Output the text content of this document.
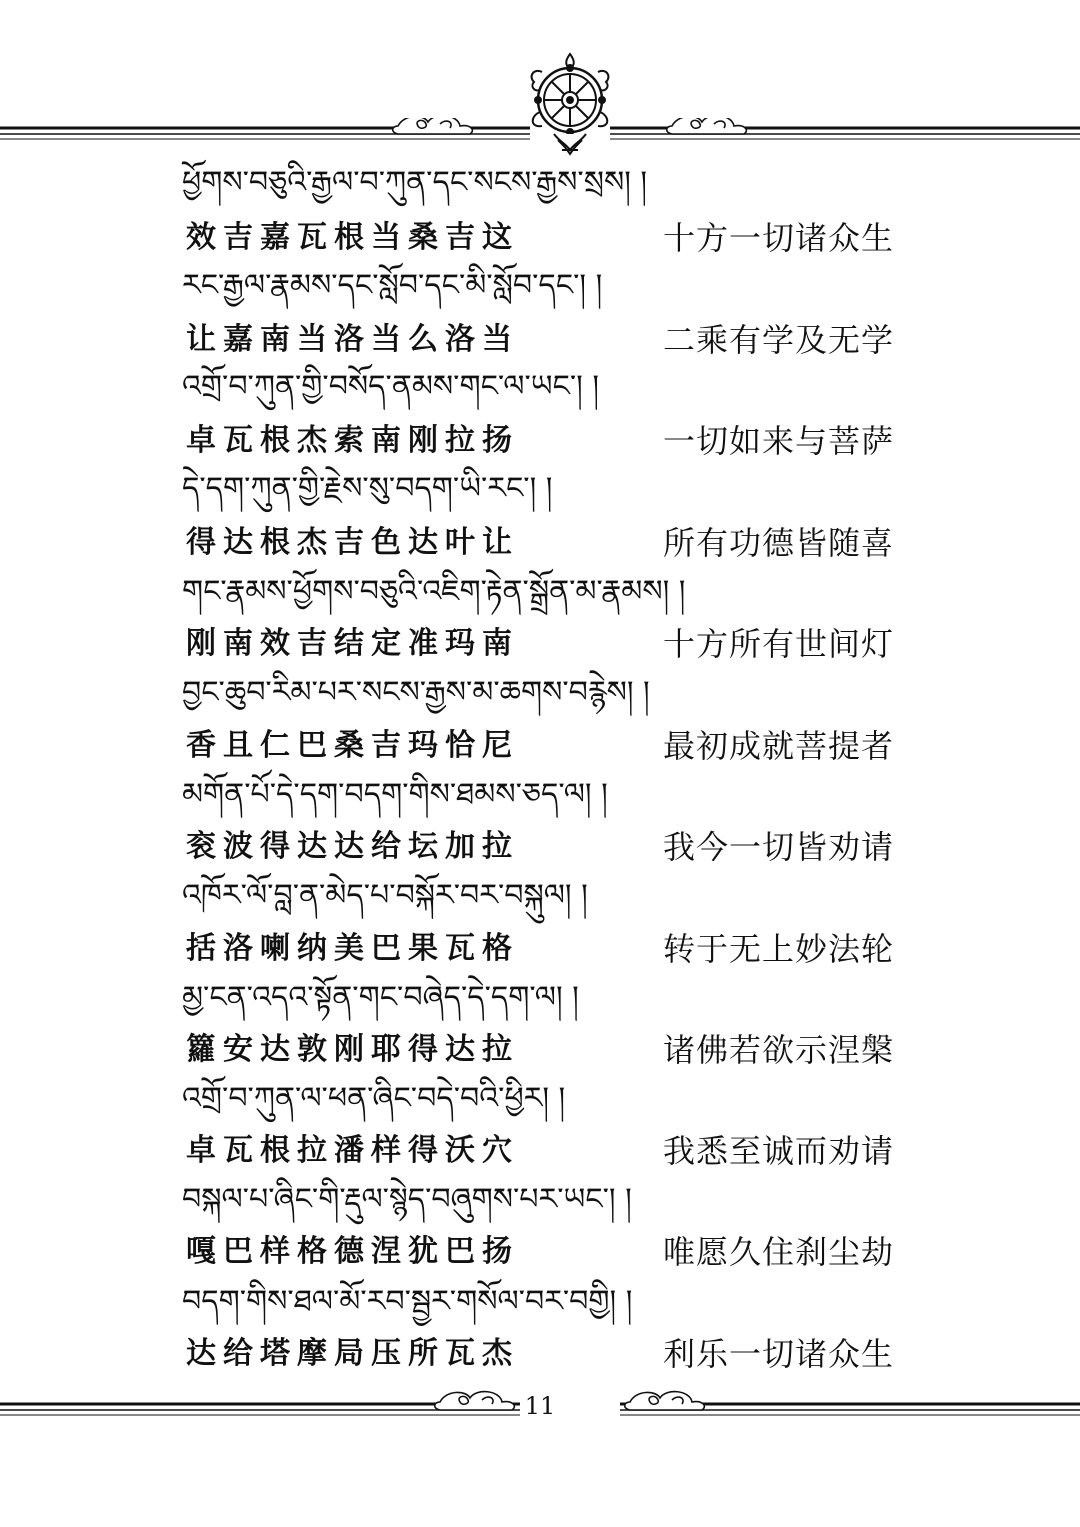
ཕྱོགས་བཅུའི་རྒྱལ་བ་ཀུན་དང་སངས་རྒྱས་སྲས། །
效吉嘉瓦根当桑吉这	十方一切诸众生
རང་རྒྱལ་རྣམས་དང་སློབ་དང་མི་སློབ་དང་། །
让嘉南当洛当么洛当	二乘有学及无学
འགྲོ་བ་ཀུན་གྱི་བསོད་ནམས་གང་ལ་ཡང་། །
卓瓦根杰索南刚拉扬	一切如来与菩萨
དེ་དག་ཀུན་གྱི་རྗེས་སུ་བདག་ཡི་རང་། །
得达根杰吉色达叶让	所有功德皆随喜
གང་རྣམས་ཕྱོགས་བཅུའི་འཇིག་རྟེན་སྒྲོན་མ་རྣམས། །
刚南效吉结定准玛南	十方所有世间灯
བྱང་ཆུབ་རིམ་པར་སངས་རྒྱས་མ་ཆགས་བརྙེས། །
香且仁巴桑吉玛恰尼	最初成就菩提者
མགོན་པོ་དེ་དག་བདག་གིས་ཐམས་ཅད་ལ། །
衮波得达达给坛加拉	我今一切皆劝请
འཁོར་ལོ་བླ་ན་མེད་པ་བསྐོར་བར་བསྐུལ། །
括洛喇纳美巴果瓦格	转于无上妙法轮
མྱ་ངན་འདའ་སྟོན་གང་བཞེད་དེ་དག་ལ། །
籮安达敦刚耶得达拉	诸佛若欲示涅槃
འགྲོ་བ་ཀུན་ལ་ཕན་ཞིང་བདེ་བའི་ཕྱིར། །
卓瓦根拉潘样得沃穴	我悉至诚而劝请
བསྐལ་པ་ཞིང་གི་རྡུལ་སྙེད་བཞུགས་པར་ཡང་། །
嘎巴样格德涅犹巴扬	唯愿久住刹尘劫
བདག་གིས་ཐལ་མོ་རབ་སྦྱར་གསོལ་བར་བགྱི། །
达给塔摩局压所瓦杰	利乐一切诸众生
11
